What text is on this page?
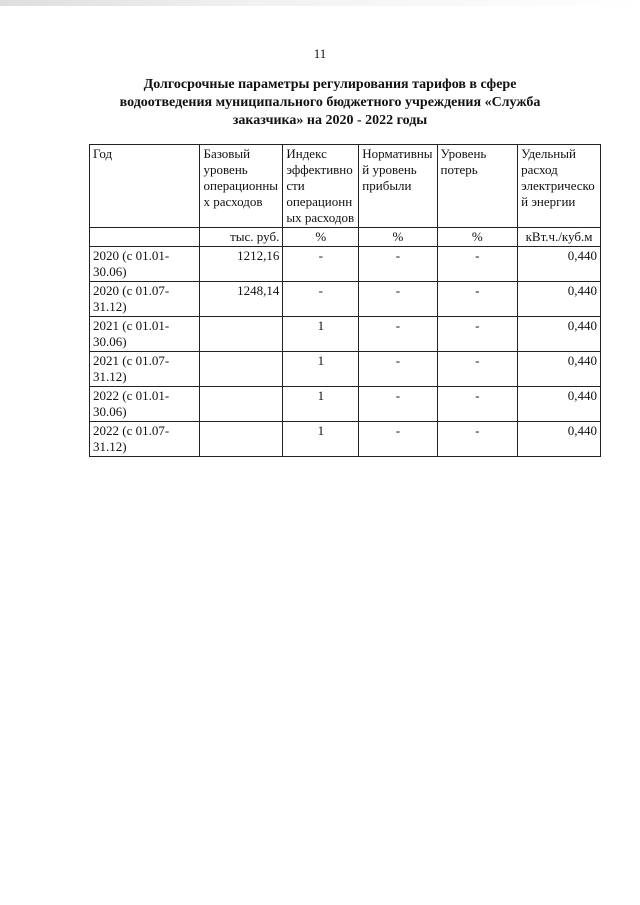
11
Долгосрочные параметры регулирования тарифов в сфере
водоотведения муниципального бюджетного учреждения «Служба
заказчика» на 2020 - 2022 годы
Год	Базовый уровень операционных расходов	Индекс эффективности операционных расходов	Нормативный уровень прибыли	Уровень потерь	Удельный расход электрической энергии
	тыс. руб.	%	%	%	кВт.ч./куб.м
2020 (с 01.01-30.06)	1212,16	-	-	-	0,440
2020 (с 01.07-31.12)	1248,14	-	-	-	0,440
2021 (с 01.01-30.06)		1	-	-	0,440
2021 (с 01.07-31.12)		1	-	-	0,440
2022 (с 01.01-30.06)		1	-	-	0,440
2022 (с 01.07-31.12)		1	-	-	0,440
